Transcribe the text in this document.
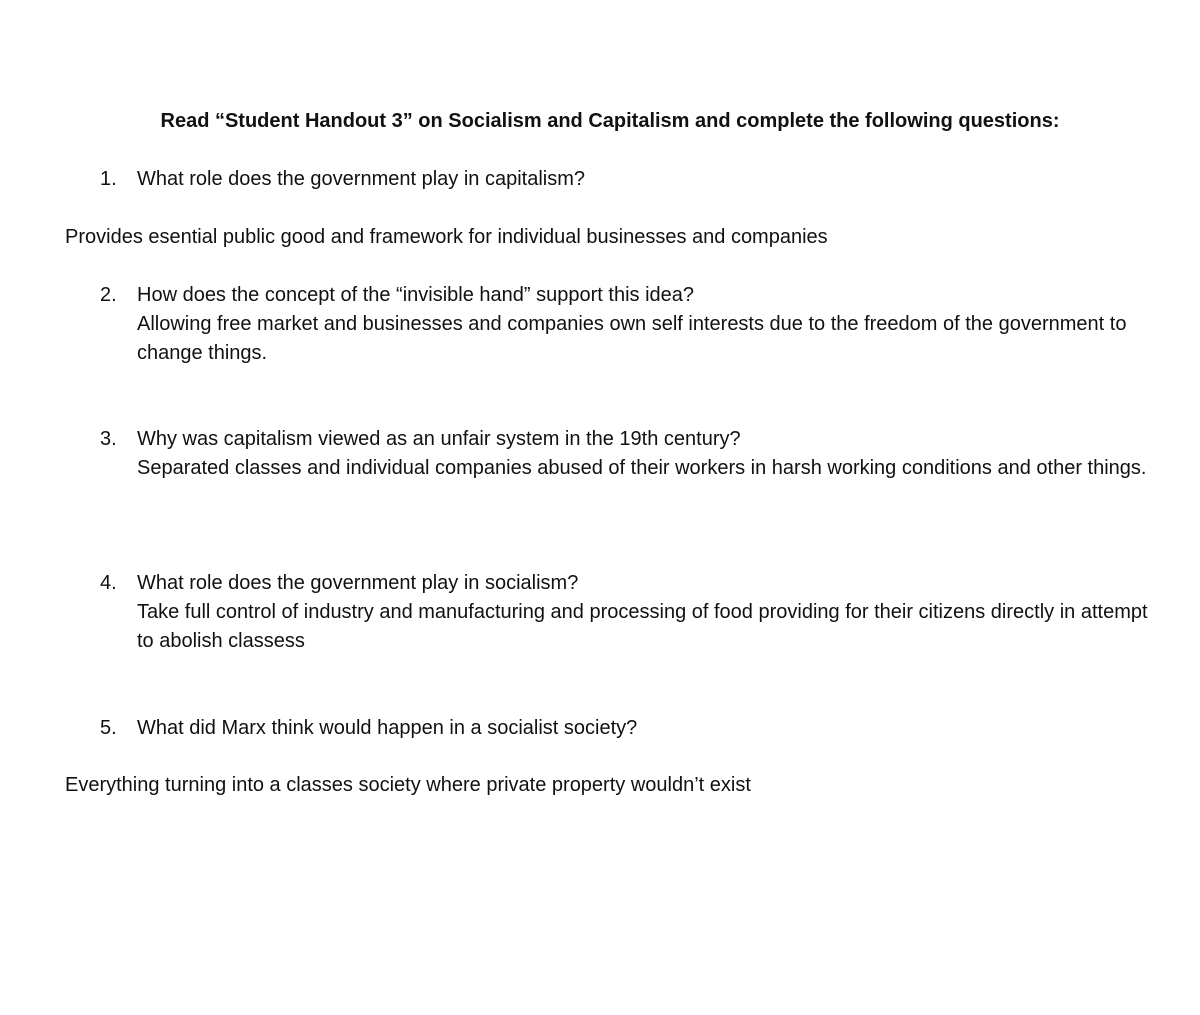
Read “Student Handout 3” on Socialism and Capitalism and complete the following questions:
1. What role does the government play in capitalism?
Provides esential public good and framework for individual businesses and companies
2. How does the concept of the “invisible hand” support this idea?
Allowing free market and businesses and companies own self interests due to the freedom of the government to change things.
3. Why was capitalism viewed as an unfair system in the 19th century?
Separated classes and individual companies abused of their workers in harsh working conditions and other things.
4. What role does the government play in socialism?
Take full control of industry and manufacturing and processing of food providing for their citizens directly in attempt to abolish classess
5. What did Marx think would happen in a socialist society?
Everything turning into a classes society where private property wouldn’t exist
